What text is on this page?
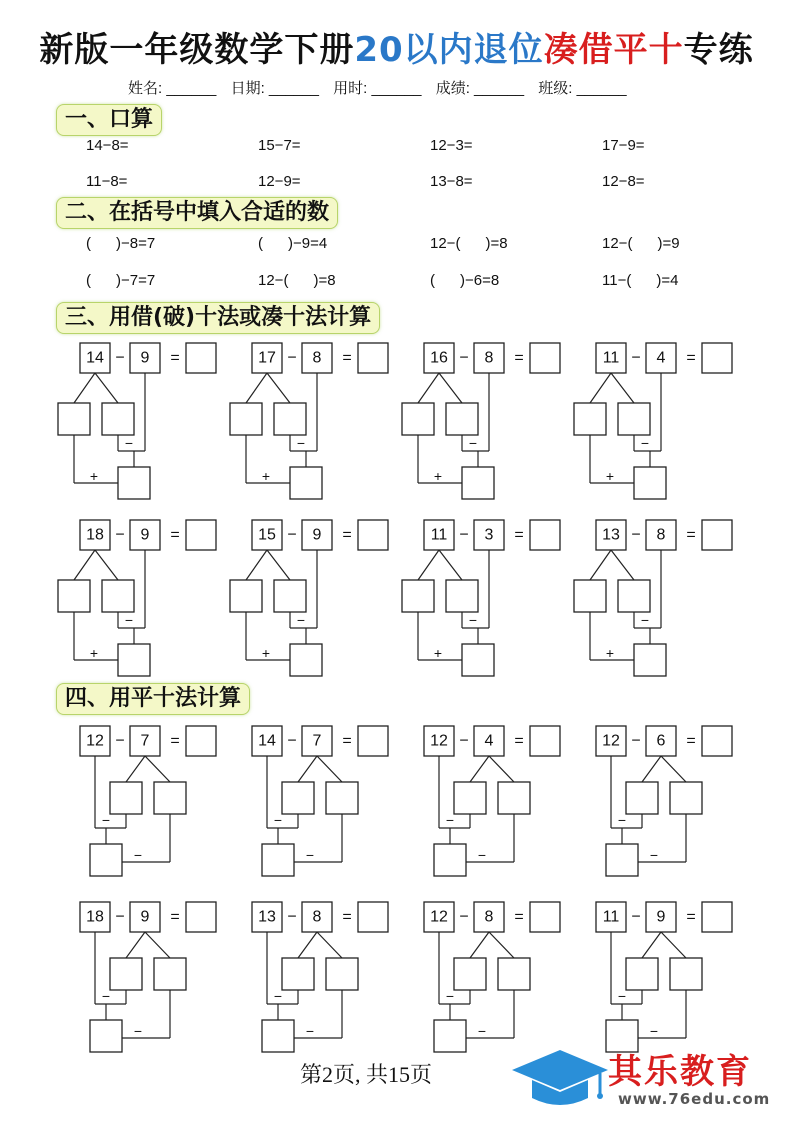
新版一年级数学下册20以内退位凑借平十专练
姓名: ______ 日期: ______ 用时: ______ 成绩: ______ 班级: ______
一、口算
二、在括号中填入合适的数
三、用借(破)十法或凑十法计算
四、用平十法计算
14−8=	15−7=	12−3=	17−9=
11−8=	12−9=	13−8=	12−8=
(      )−8=7	(      )−9=4	12−(      )=8	12−(      )=9
(      )−7=7	12−(      )=8	(      )−6=8	11−(      )=4
14 − 9 =
−
+
17 − 8 =
−
+
16 − 8 =
−
+
11 − 4 =
−
+
18 − 9 =
−
+
15 − 9 =
−
+
11 − 3 =
−
+
13 − 8 =
−
+
12 − 7 =
−
−
14 − 7 =
−
−
12 − 4 =
−
−
12 − 6 =
−
−
18 − 9 =
−
−
13 − 8 =
−
−
12 − 8 =
−
−
11 − 9 =
−
−
第2页, 共15页	其乐教育
www.76edu.com
